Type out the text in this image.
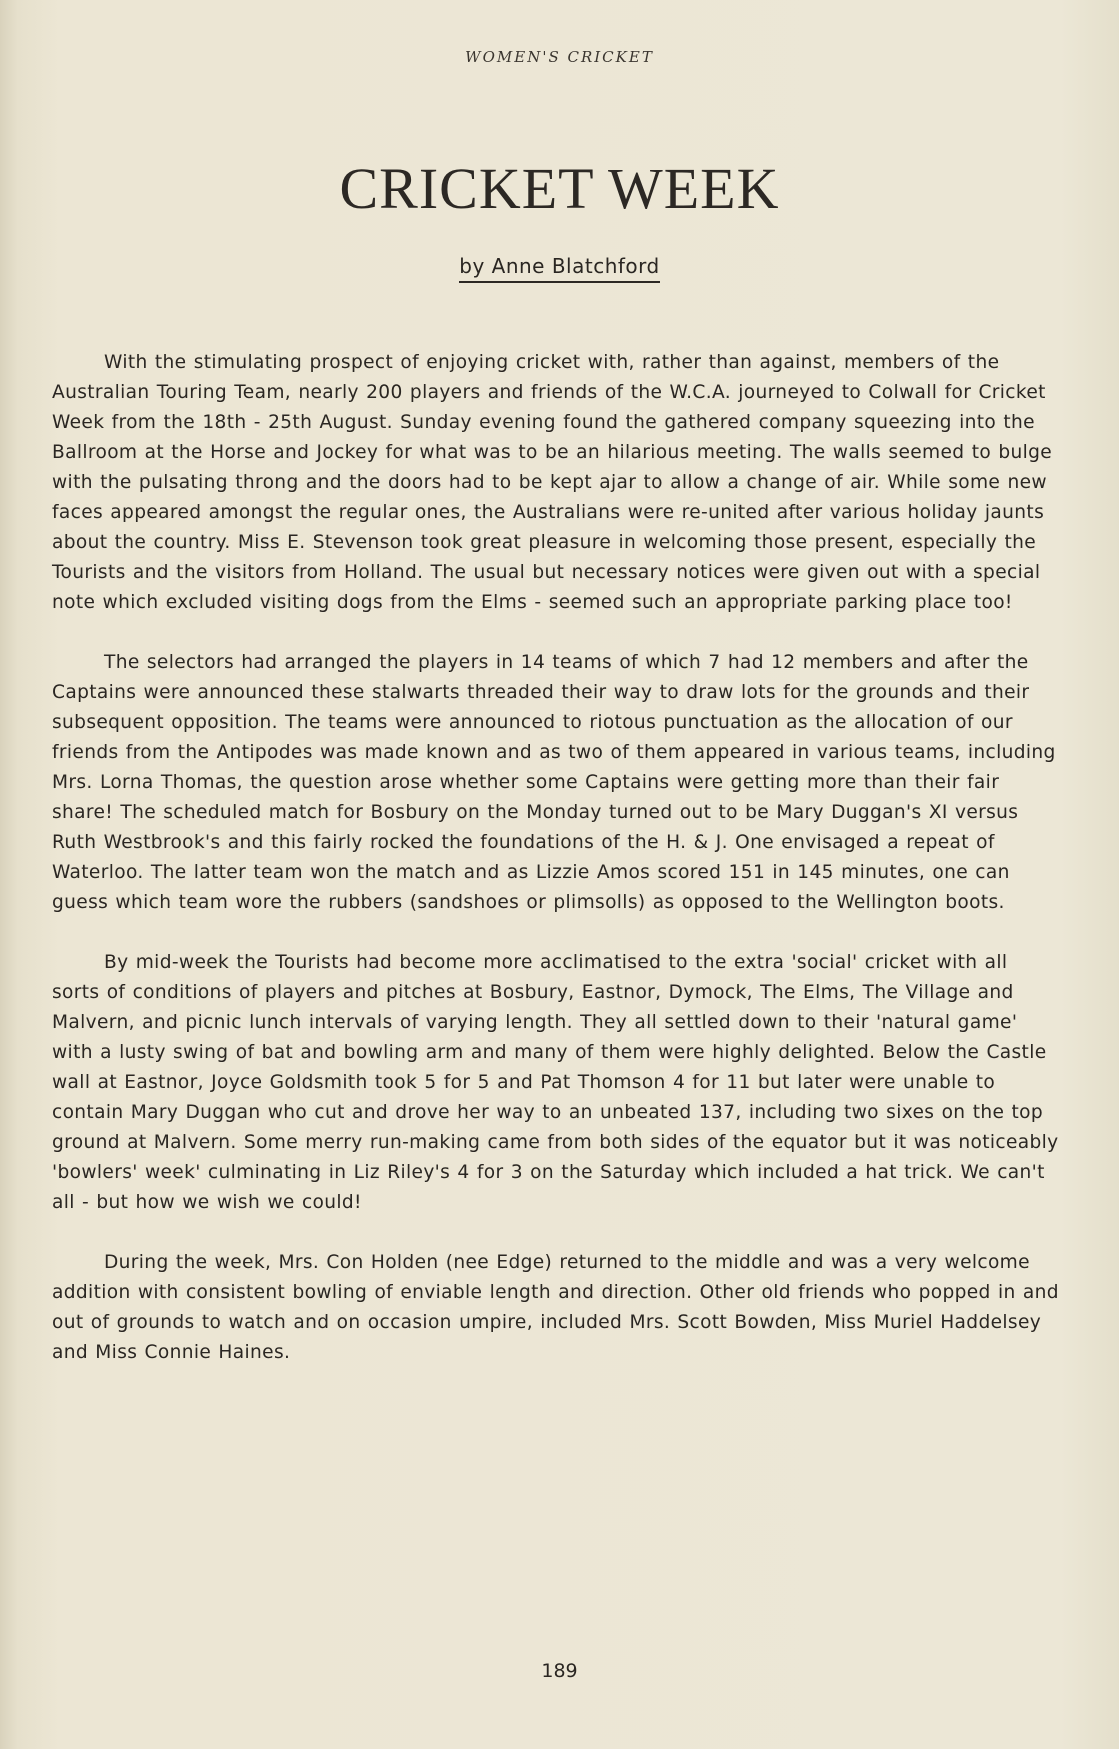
WOMEN'S CRICKET
CRICKET WEEK
by Anne Blatchford

With the stimulating prospect of enjoying cricket with, rather than against, members of the Australian Touring Team, nearly 200 players and friends of the W.C.A. journeyed to Colwall for Cricket Week from the 18th - 25th August. Sunday evening found the gathered company squeezing into the Ballroom at the Horse and Jockey for what was to be an hilarious meeting. The walls seemed to bulge with the pulsating throng and the doors had to be kept ajar to allow a change of air. While some new faces appeared amongst the regular ones, the Australians were re-united after various holiday jaunts about the country. Miss E. Stevenson took great pleasure in welcoming those present, especially the Tourists and the visitors from Holland. The usual but necessary notices were given out with a special note which excluded visiting dogs from the Elms - seemed such an appropriate parking place too!

The selectors had arranged the players in 14 teams of which 7 had 12 members and after the Captains were announced these stalwarts threaded their way to draw lots for the grounds and their subsequent opposition. The teams were announced to riotous punctuation as the allocation of our friends from the Antipodes was made known and as two of them appeared in various teams, including Mrs. Lorna Thomas, the question arose whether some Captains were getting more than their fair share! The scheduled match for Bosbury on the Monday turned out to be Mary Duggan's XI versus Ruth Westbrook's and this fairly rocked the foundations of the H. & J. One envisaged a repeat of Waterloo. The latter team won the match and as Lizzie Amos scored 151 in 145 minutes, one can guess which team wore the rubbers (sandshoes or plimsolls) as opposed to the Wellington boots.

By mid-week the Tourists had become more acclimatised to the extra 'social' cricket with all sorts of conditions of players and pitches at Bosbury, Eastnor, Dymock, The Elms, The Village and Malvern, and picnic lunch intervals of varying length. They all settled down to their 'natural game' with a lusty swing of bat and bowling arm and many of them were highly delighted. Below the Castle wall at Eastnor, Joyce Goldsmith took 5 for 5 and Pat Thomson 4 for 11 but later were unable to contain Mary Duggan who cut and drove her way to an unbeated 137, including two sixes on the top ground at Malvern. Some merry run-making came from both sides of the equator but it was noticeably 'bowlers' week' culminating in Liz Riley's 4 for 3 on the Saturday which included a hat trick. We can't all - but how we wish we could!

During the week, Mrs. Con Holden (nee Edge) returned to the middle and was a very welcome addition with consistent bowling of enviable length and direction. Other old friends who popped in and out of grounds to watch and on occasion umpire, included Mrs. Scott Bowden, Miss Muriel Haddelsey and Miss Connie Haines.

189
